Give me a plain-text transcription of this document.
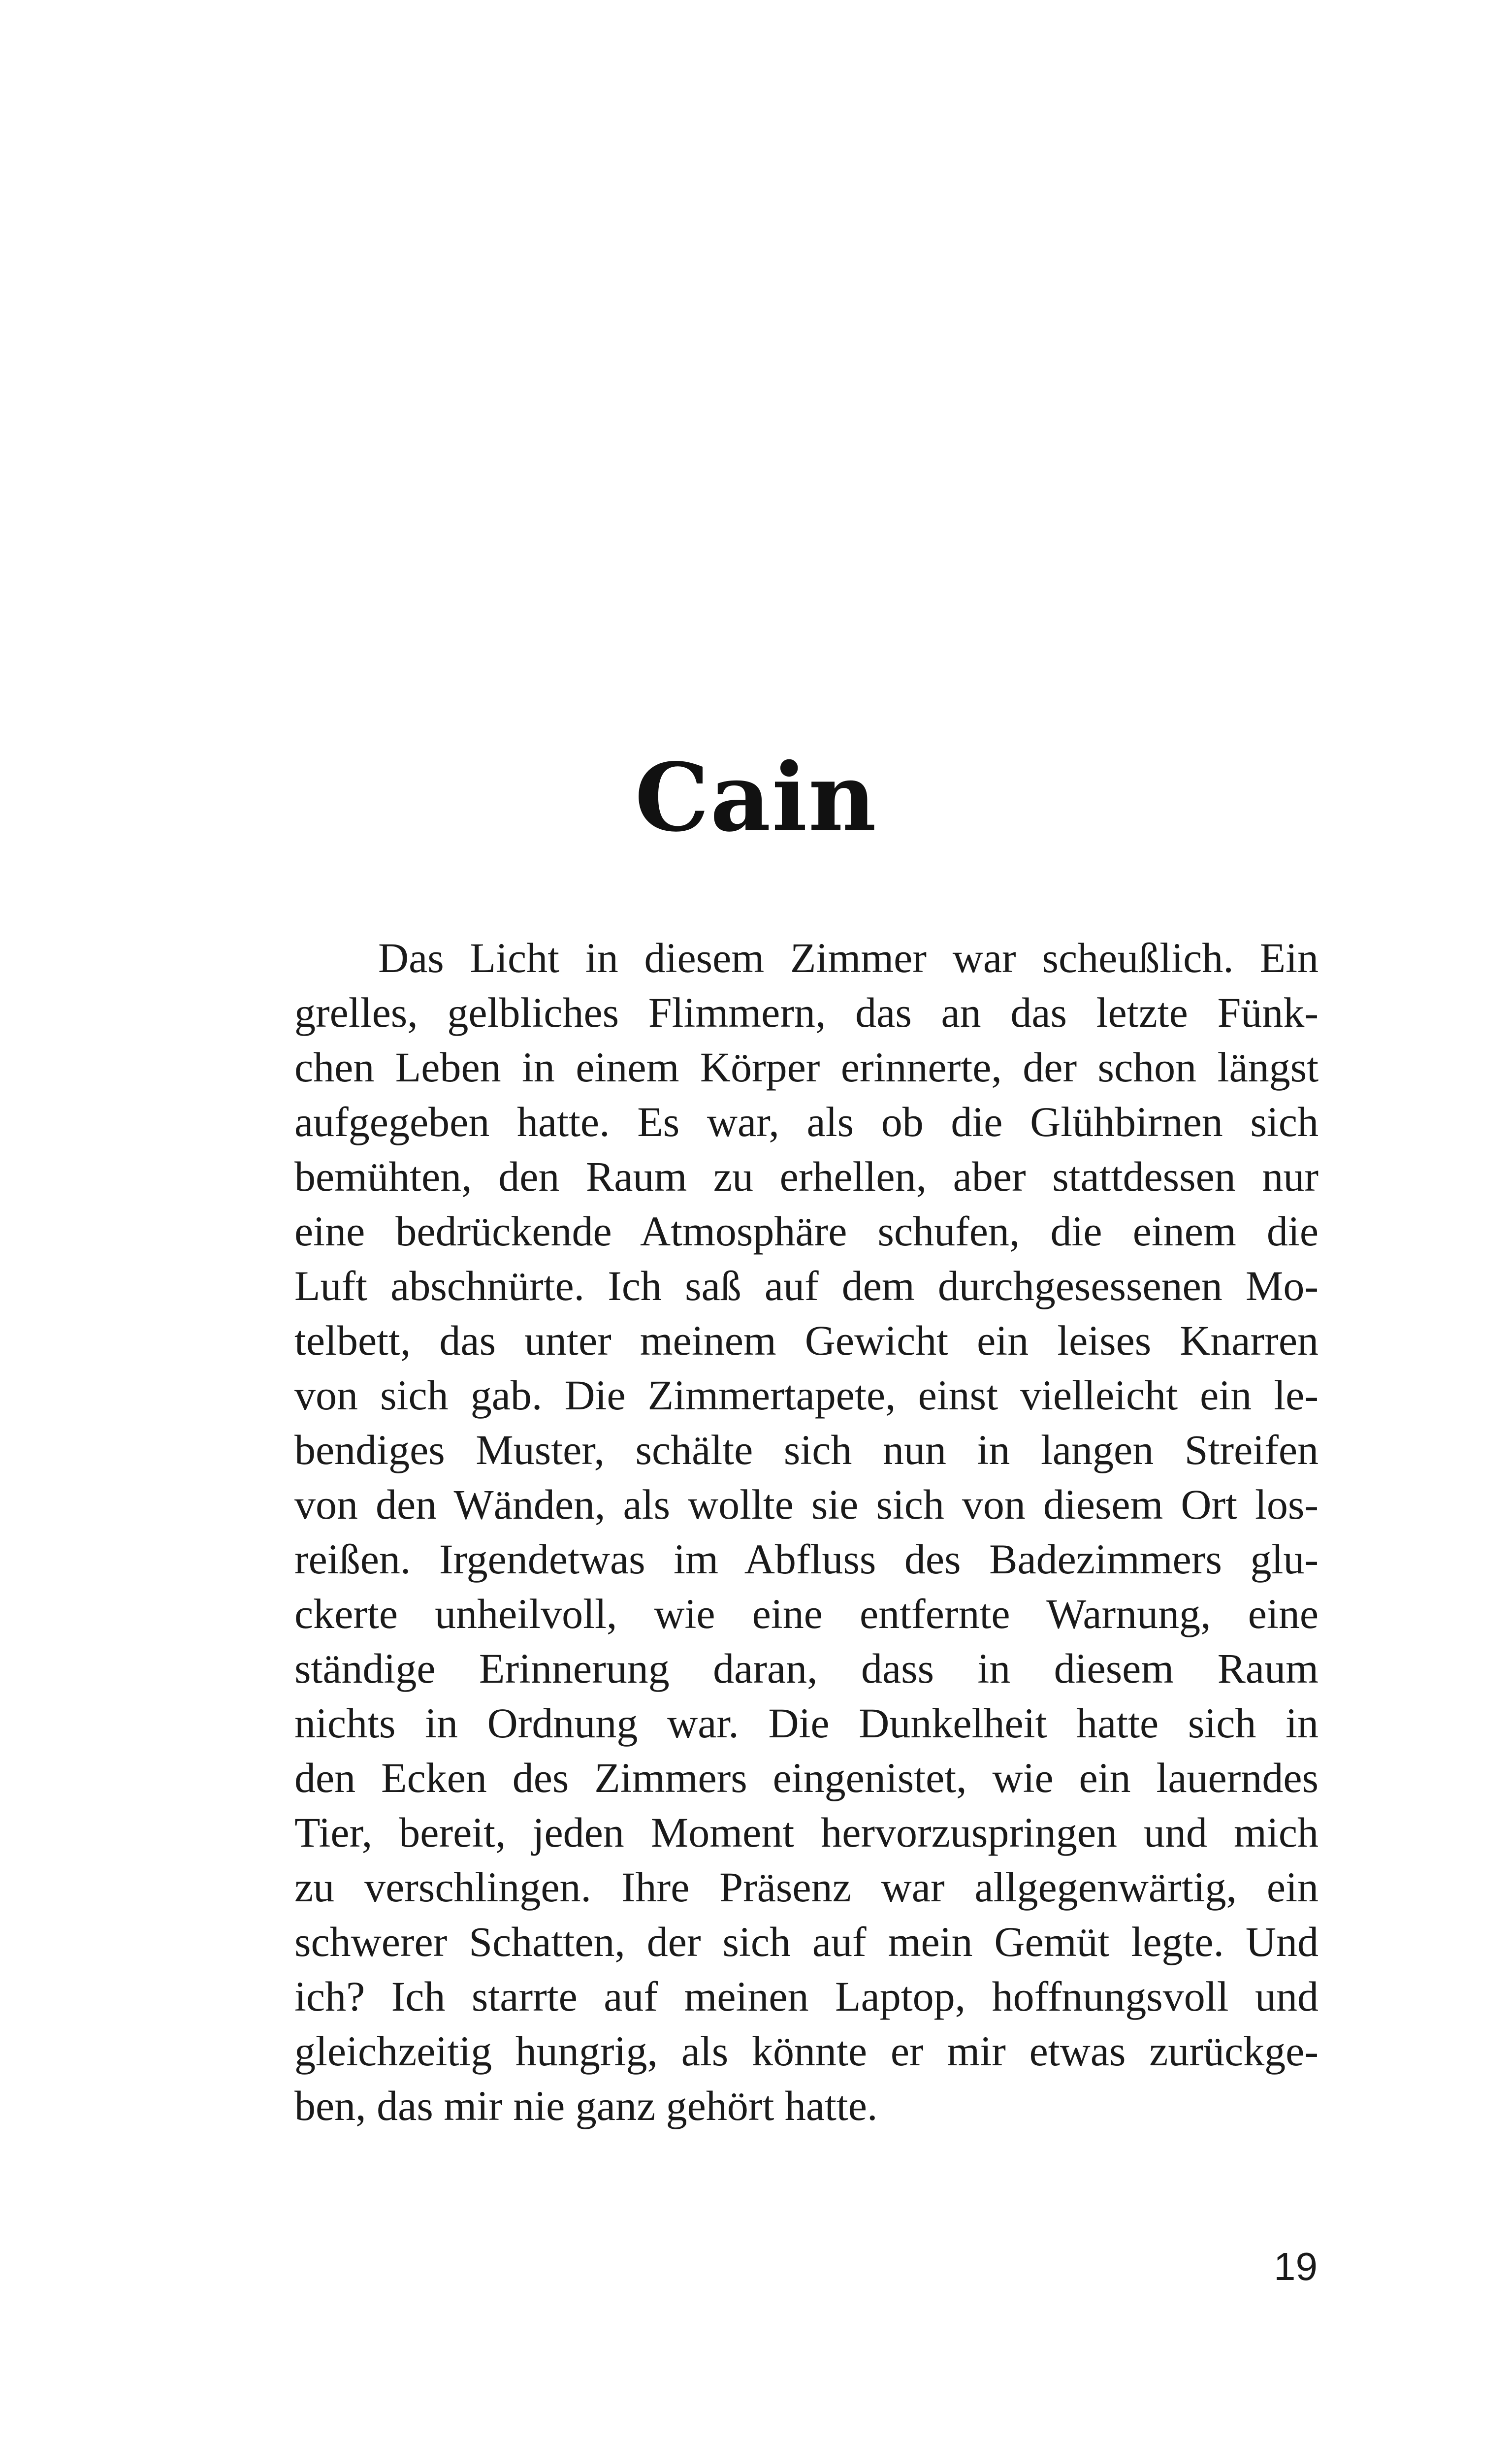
Cain
Das Licht in diesem Zimmer war scheußlich. Ein
grelles, gelbliches Flimmern, das an das letzte Fünk-
chen Leben in einem Körper erinnerte, der schon längst
aufgegeben hatte. Es war, als ob die Glühbirnen sich
bemühten, den Raum zu erhellen, aber stattdessen nur
eine bedrückende Atmosphäre schufen, die einem die
Luft abschnürte. Ich saß auf dem durchgesessenen Mo-
telbett, das unter meinem Gewicht ein leises Knarren
von sich gab. Die Zimmertapete, einst vielleicht ein le-
bendiges Muster, schälte sich nun in langen Streifen
von den Wänden, als wollte sie sich von diesem Ort los-
reißen. Irgendetwas im Abfluss des Badezimmers glu-
ckerte unheilvoll, wie eine entfernte Warnung, eine
ständige Erinnerung daran, dass in diesem Raum
nichts in Ordnung war. Die Dunkelheit hatte sich in
den Ecken des Zimmers eingenistet, wie ein lauerndes
Tier, bereit, jeden Moment hervorzuspringen und mich
zu verschlingen. Ihre Präsenz war allgegenwärtig, ein
schwerer Schatten, der sich auf mein Gemüt legte. Und
ich? Ich starrte auf meinen Laptop, hoffnungsvoll und
gleichzeitig hungrig, als könnte er mir etwas zurückge-
ben, das mir nie ganz gehört hatte.
19
